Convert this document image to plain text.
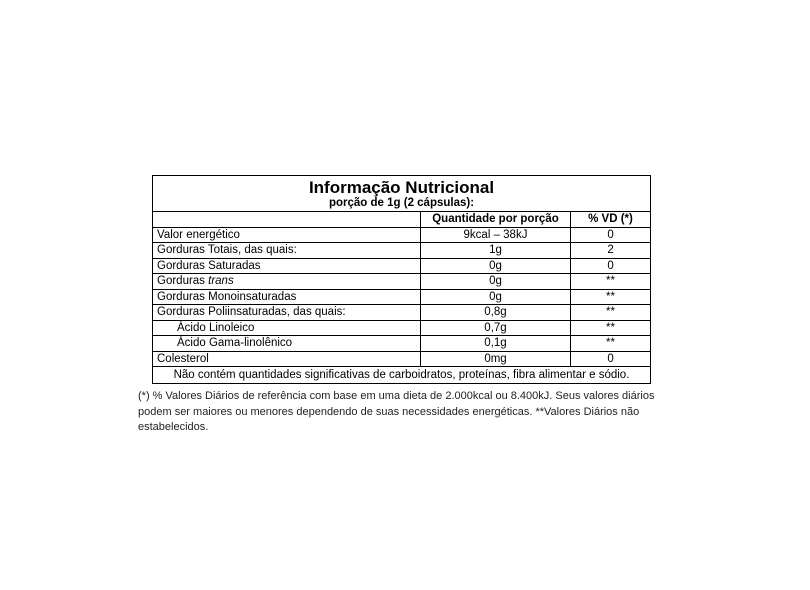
Informação Nutricional
porção de 1g (2 cápsulas):		

	Quantidade por porção	% VD (*)
Valor energético	9kcal – 38kJ	0
Gorduras Totais, das quais:	1g	2
Gorduras Saturadas	0g	0
Gorduras trans	0g	**
Gorduras Monoinsaturadas	0g	**
Gorduras Poliinsaturadas, das quais:	0,8g	**
Ácido Linoleico	0,7g	**
Ácido Gama-linolênico	0,1g	**
Colesterol	0mg	0
Não contém quantidades significativas de carboidratos, proteínas, fibra alimentar e sódio.		
(*) % Valores Diários de referência com base em uma dieta de 2.000kcal ou 8.400kJ. Seus valores diários podem ser maiores ou menores dependendo de suas necessidades energéticas. **Valores Diários não estabelecidos.
